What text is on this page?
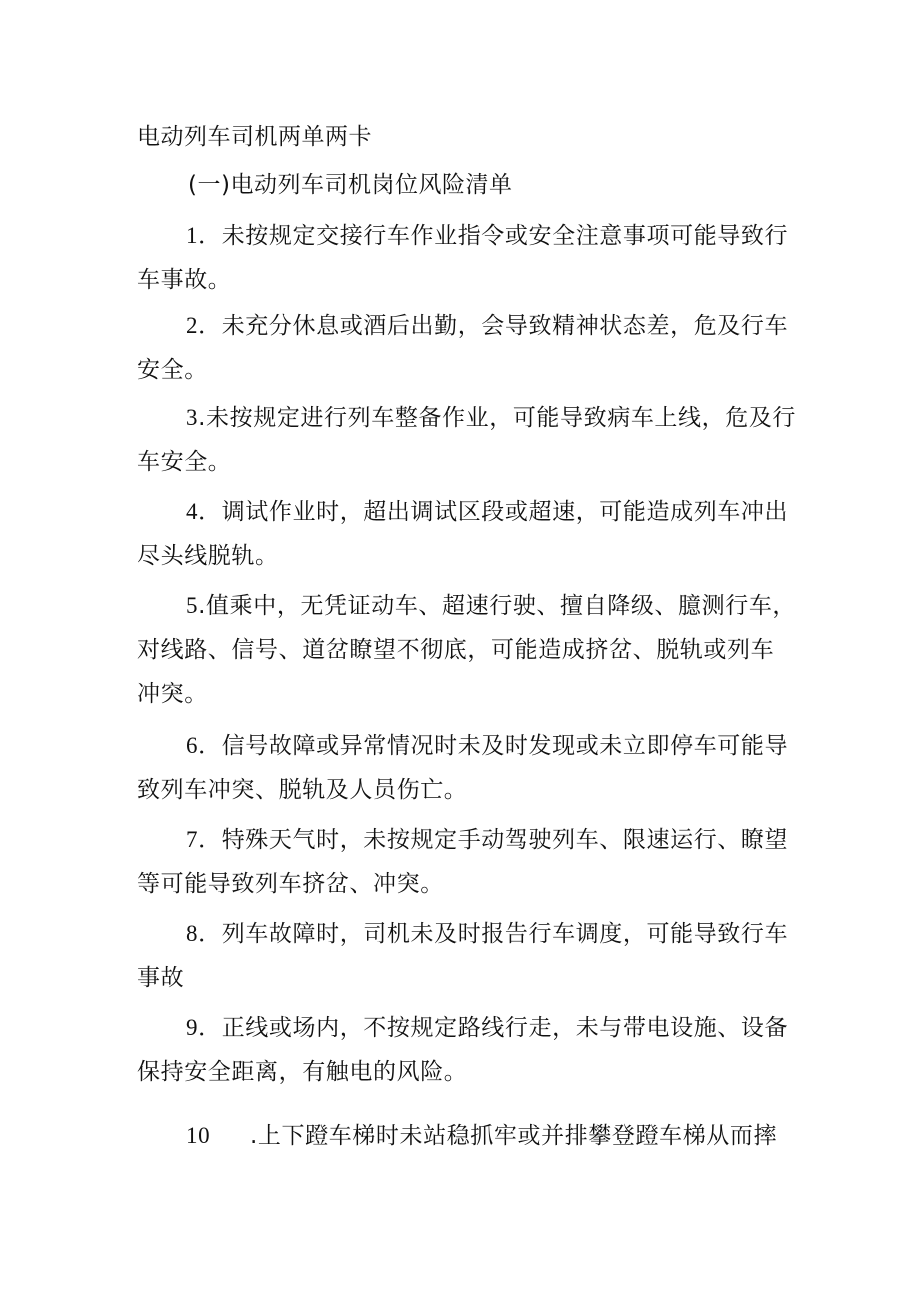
电动列车司机两单两卡
(一)电动列车司机岗位风险清单
1．未按规定交接行车作业指令或安全注意事项可能导致行车事故。
2．未充分休息或酒后出勤，会导致精神状态差，危及行车安全。
3.未按规定进行列车整备作业，可能导致病车上线，危及行车安全。
4．调试作业时，超出调试区段或超速，可能造成列车冲出尽头线脱轨。
5.值乘中，无凭证动车、超速行驶、擅自降级、臆测行车，对线路、信号、道岔瞭望不彻底，可能造成挤岔、脱轨或列车冲突。
6．信号故障或异常情况时未及时发现或未立即停车可能导致列车冲突、脱轨及人员伤亡。
7．特殊天气时，未按规定手动驾驶列车、限速运行、瞭望等可能导致列车挤岔、冲突。
8．列车故障时，司机未及时报告行车调度，可能导致行车事故
9．正线或场内，不按规定路线行走，未与带电设施、设备保持安全距离，有触电的风险。
10 .上下蹬车梯时未站稳抓牢或并排攀登蹬车梯从而摔
